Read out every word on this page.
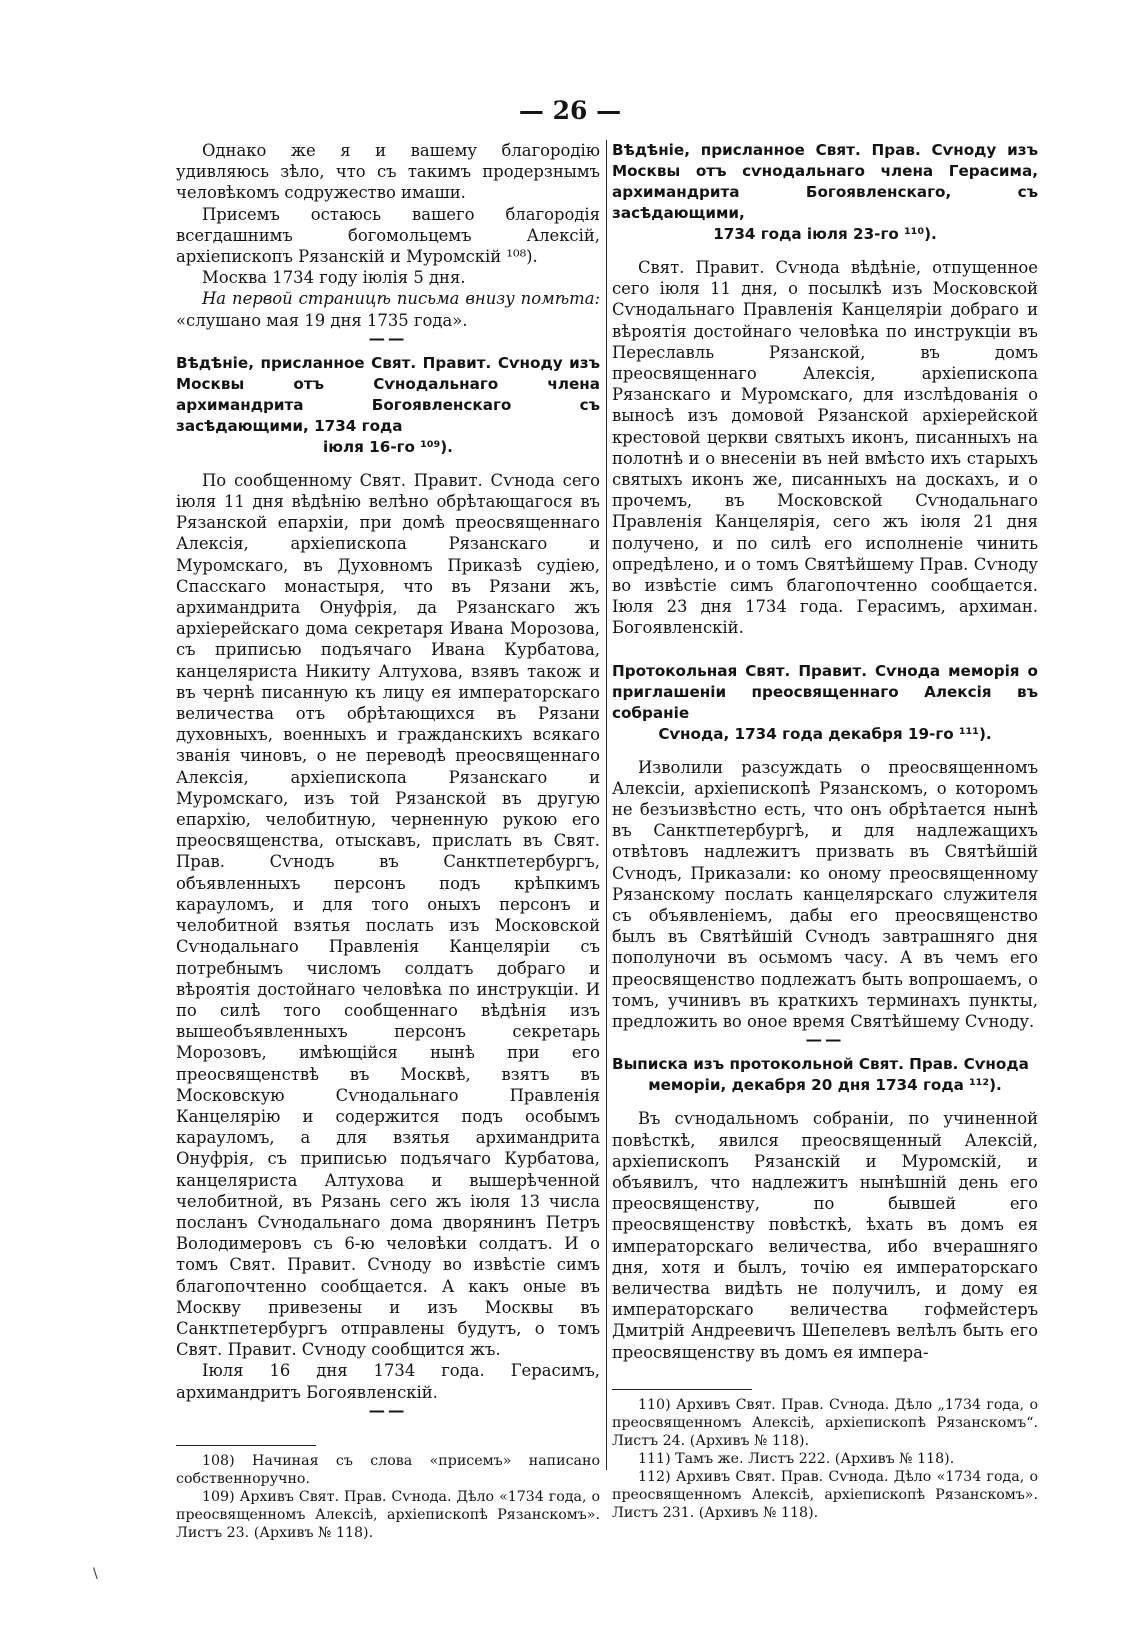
— 26 —

Однако же я и вашему благородію удивляюсь зѣло, что съ такимъ продерзнымъ человѣкомъ содружество имаши.

Присемъ остаюсь вашего благородія всегдашнимъ богомольцемъ Алексій, архіепископъ Рязанскій и Муромскій ¹⁰⁸).

Москва 1734 году іюлія 5 дня.

На первой страницѣ письма внизу помѣта: «слушано мая 19 дня 1735 года».

——
Вѣдѣніе, присланное Свят. Правит. Сѵноду изъ Москвы отъ Сѵнодальнаго члена архимандрита Богоявленскаго съ засѣдающими, 1734 года
іюля 16-го ¹⁰⁹).

По сообщенному Свят. Правит. Сѵнода сего іюля 11 дня вѣдѣнію велѣно обрѣтающагося въ Рязанской епархіи, при домѣ преосвященнаго Алексія, архіепископа Рязанскаго и Муромскаго, въ Духовномъ Приказѣ судіею, Спасскаго монастыря, что въ Рязани жъ, архимандрита Онуфрія, да Рязанскаго жъ архіерейскаго дома секретаря Ивана Морозова, съ приписью подъячаго Ивана Курбатова, канцеляриста Никиту Алтухова, взявъ також и въ чернѣ писанную къ лицу ея императорскаго величества отъ обрѣтающихся въ Рязани духовныхъ, военныхъ и гражданскихъ всякаго званія чиновъ, о не переводѣ преосвященнаго Алексія, архіепископа Рязанскаго и Муромскаго, изъ той Рязанской въ другую епархію, челобитную, черненную рукою его преосвященства, отыскавъ, прислать въ Свят. Прав. Сѵнодъ въ Санктпетербургъ, объявленныхъ персонъ подъ крѣпкимъ карауломъ, и для того оныхъ персонъ и челобитной взятья послать изъ Московской Сѵнодальнаго Правленія Канцеляріи съ потребнымъ числомъ солдатъ добраго и вѣроятія достойнаго человѣка по инструкціи. И по силѣ того сообщеннаго вѣдѣнія изъ вышеобъявленныхъ персонъ секретарь Морозовъ, имѣющійся нынѣ при его преосвященствѣ въ Москвѣ, взятъ въ Московскую Сѵнодальнаго Правленія Канцелярію и содержится подъ особымъ карауломъ, а для взятья архимандрита Онуфрія, съ приписью подъячаго Курбатова, канцеляриста Алтухова и вышерѣченной челобитной, въ Рязань сего жъ іюля 13 числа посланъ Сѵнодальнаго дома дворянинъ Петръ Володимеровъ съ 6-ю человѣки солдатъ. И о томъ Свят. Правит. Сѵноду во извѣстіе симъ благопочтенно сообщается. А какъ оные въ Москву привезены и изъ Москвы въ Санктпетербургъ отправлены будутъ, о томъ Свят. Правит. Сѵноду сообщится жъ.

Іюля 16 дня 1734 года. Герасимъ, архимандритъ Богоявленскій.

——

108) Начиная съ слова «присемъ» написано собственноручно.

109) Архивъ Свят. Прав. Сѵнода. Дѣло «1734 года, о преосвященномъ Алексіѣ, архіепископѣ Рязанскомъ». Листъ 23. (Архивъ № 118).

Вѣдѣніе, присланное Свят. Прав. Сѵноду изъ Москвы отъ сѵнодальнаго члена Герасима, архимандрита Богоявленскаго, съ засѣдающими,
1734 года іюля 23-го ¹¹⁰).

Свят. Правит. Сѵнода вѣдѣніе, отпущенное сего іюля 11 дня, о посылкѣ изъ Московской Сѵнодальнаго Правленія Канцеляріи добраго и вѣроятія достойнаго человѣка по инструкціи въ Переславль Рязанской, въ домъ преосвященнаго Алексія, архіепископа Рязанскаго и Муромскаго, для изслѣдованія о выносѣ изъ домовой Рязанской архіерейской крестовой церкви святыхъ иконъ, писанныхъ на полотнѣ и о внесеніи въ ней вмѣсто ихъ старыхъ святыхъ иконъ же, писанныхъ на доскахъ, и о прочемъ, въ Московской Сѵнодальнаго Правленія Канцелярія, сего жъ іюля 21 дня получено, и по силѣ его исполненіе чинить опредѣлено, и о томъ Святѣйшему Прав. Сѵноду во извѣстіе симъ благопочтенно сообщается. Іюля 23 дня 1734 года. Герасимъ, архиман. Богоявленскій.

Протокольная Свят. Правит. Сѵнода меморія о приглашеніи преосвященнаго Алексія въ собраніе
Сѵнода, 1734 года декабря 19-го ¹¹¹).

Изволили разсуждать о преосвященномъ Алексіи, архіепископѣ Рязанскомъ, о которомъ не безъизвѣстно есть, что онъ обрѣтается нынѣ въ Санктпетербургѣ, и для надлежащихъ отвѣтовъ надлежитъ призвать въ Святѣйшій Сѵнодъ, Приказали: ко оному преосвященному Рязанскому послать канцелярскаго служителя съ объявленіемъ, дабы его преосвященство былъ въ Святѣйшій Сѵнодъ завтрашняго дня пополуночи въ осьмомъ часу. А въ чемъ его преосвященство подлежатъ быть вопрошаемъ, о томъ, учинивъ въ краткихъ терминахъ пункты, предложить во оное время Святѣйшему Сѵноду.

——
Выписка изъ протокольной Свят. Прав. Сѵнода
меморіи, декабря 20 дня 1734 года ¹¹²).

Въ сѵнодальномъ собраніи, по учиненной повѣсткѣ, явился преосвященный Алексій, архіепископъ Рязанскій и Муромскій, и объявилъ, что надлежитъ нынѣшній день его преосвященству, по бывшей его преосвященству повѣсткѣ, ѣхать въ домъ ея императорскаго величества, ибо вчерашняго дня, хотя и былъ, точію ея императорскаго величества видѣть не получилъ, и дому ея императорскаго величества гофмейстеръ Дмитрій Андреевичъ Шепелевъ велѣлъ быть его преосвященству въ домъ ея импера-

110) Архивъ Свят. Прав. Сѵнода. Дѣло „1734 года, о преосвященномъ Алексіѣ, архіепископѣ Рязанскомъ“. Листъ 24. (Архивъ № 118).

111) Тамъ же. Листъ 222. (Архивъ № 118).

112) Архивъ Свят. Прав. Сѵнода. Дѣло «1734 года, о преосвященномъ Алексіѣ, архіепископѣ Рязанскомъ». Листъ 231. (Архивъ № 118).

\
